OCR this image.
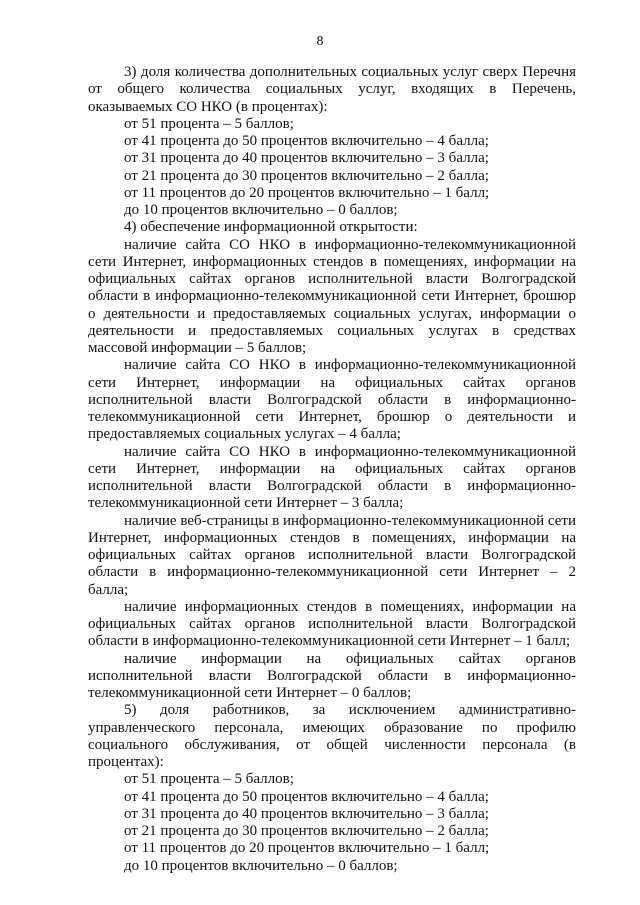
8

3) доля количества дополнительных социальных услуг сверх Перечня от общего количества социальных услуг, входящих в Перечень, оказываемых СО НКО (в процентах):

от 51 процента – 5 баллов;

от 41 процента до 50 процентов включительно – 4 балла;

от 31 процента до 40 процентов включительно – 3 балла;

от 21 процента до 30 процентов включительно – 2 балла;

от 11 процентов до 20 процентов включительно – 1 балл;

до 10 процентов включительно – 0 баллов;

4) обеспечение информационной открытости:

наличие сайта СО НКО в информационно-телекоммуникационной сети Интернет, информационных стендов в помещениях, информации на официальных сайтах органов исполнительной власти Волгоградской области в информационно-телекоммуникационной сети Интернет, брошюр о деятельности и предоставляемых социальных услугах, информации о деятельности и предоставляемых социальных услугах в средствах массовой информации – 5 баллов;

наличие сайта СО НКО в информационно-телекоммуникационной сети Интернет, информации на официальных сайтах органов исполнительной власти Волгоградской области в информационно-телекоммуникационной сети Интернет, брошюр о деятельности и предоставляемых социальных услугах – 4 балла;

наличие сайта СО НКО в информационно-телекоммуникационной сети Интернет, информации на официальных сайтах органов исполнительной власти Волгоградской области в информационно-телекоммуникационной сети Интернет – 3 балла;

наличие веб-страницы в информационно-телекоммуникационной сети Интернет, информационных стендов в помещениях, информации на официальных сайтах органов исполнительной власти Волгоградской области в информационно-телекоммуникационной сети Интернет – 2 балла;

наличие информационных стендов в помещениях, информации на официальных сайтах органов исполнительной власти Волгоградской области в информационно-телекоммуникационной сети Интернет – 1 балл;

наличие информации на официальных сайтах органов исполнительной власти Волгоградской области в информационно-телекоммуникационной сети Интернет – 0 баллов;

5) доля работников, за исключением административно-управленческого персонала, имеющих образование по профилю социального обслуживания, от общей численности персонала (в процентах):

от 51 процента – 5 баллов;

от 41 процента до 50 процентов включительно – 4 балла;

от 31 процента до 40 процентов включительно – 3 балла;

от 21 процента до 30 процентов включительно – 2 балла;

от 11 процентов до 20 процентов включительно – 1 балл;

до 10 процентов включительно – 0 баллов;
